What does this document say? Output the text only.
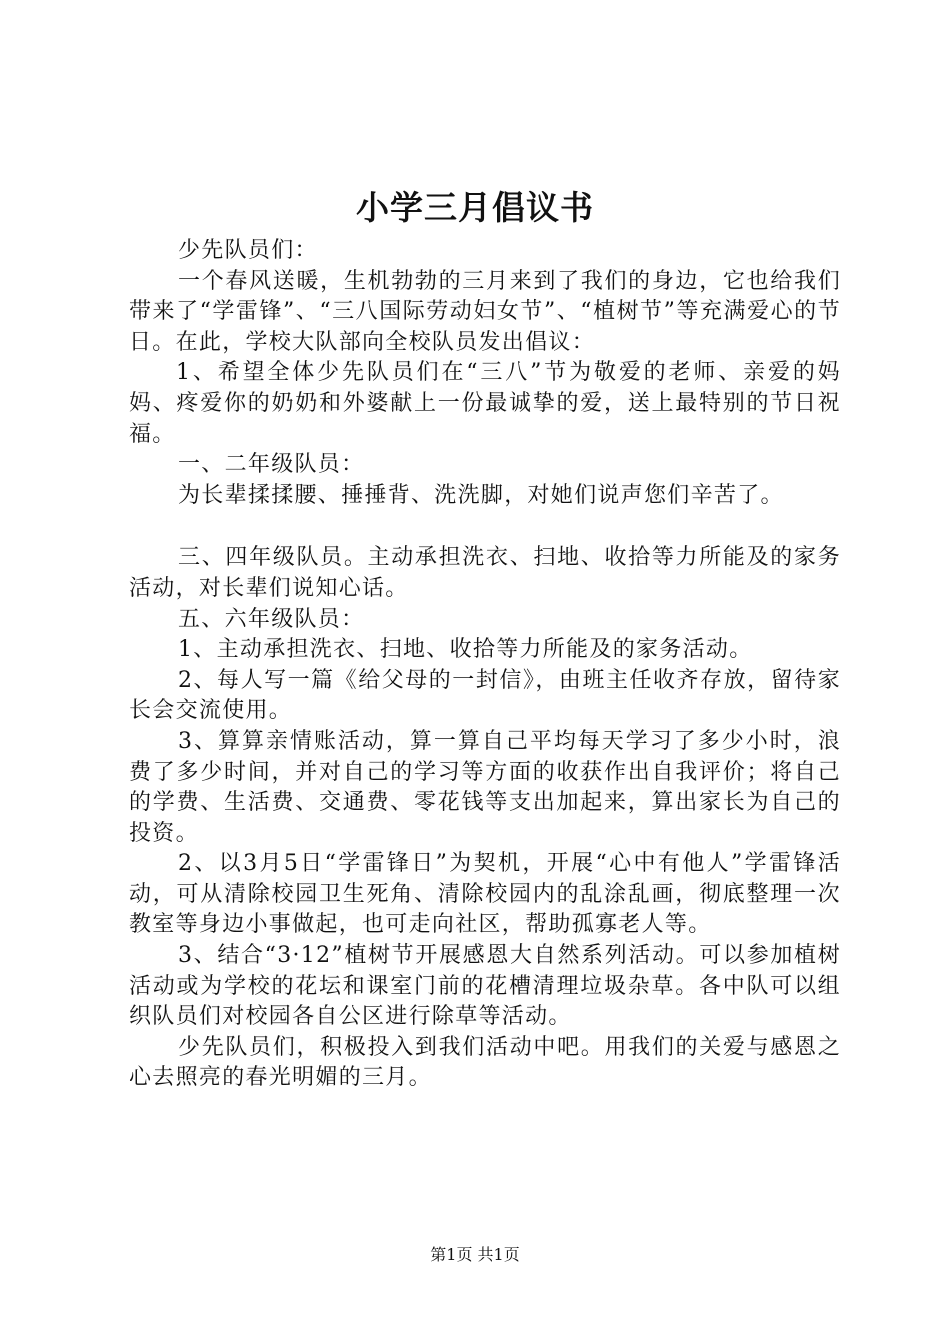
小学三月倡议书

少先队员们：

一个春风送暖，生机勃勃的三月来到了我们的身边，它也给我们带来了“学雷锋”、“三八国际劳动妇女节”、“植树节”等充满爱心的节日。在此，学校大队部向全校队员发出倡议：

1、希望全体少先队员们在“三八”节为敬爱的老师、亲爱的妈妈、疼爱你的奶奶和外婆献上一份最诚挚的爱，送上最特别的节日祝福。

一、二年级队员：

为长辈揉揉腰、捶捶背、洗洗脚，对她们说声您们辛苦了。

三、四年级队员。主动承担洗衣、扫地、收拾等力所能及的家务活动，对长辈们说知心话。

五、六年级队员：

1、主动承担洗衣、扫地、收拾等力所能及的家务活动。

2、每人写一篇《给父母的一封信》，由班主任收齐存放，留待家长会交流使用。

3、算算亲情账活动，算一算自己平均每天学习了多少小时，浪费了多少时间，并对自己的学习等方面的收获作出自我评价；将自己的学费、生活费、交通费、零花钱等支出加起来，算出家长为自己的投资。

2、以3月5日“学雷锋日”为契机，开展“心中有他人”学雷锋活动，可从清除校园卫生死角、清除校园内的乱涂乱画，彻底整理一次教室等身边小事做起，也可走向社区，帮助孤寡老人等。

3、结合“3·12”植树节开展感恩大自然系列活动。可以参加植树活动或为学校的花坛和课室门前的花槽清理垃圾杂草。各中队可以组织队员们对校园各自公区进行除草等活动。

少先队员们，积极投入到我们活动中吧。用我们的关爱与感恩之心去照亮的春光明媚的三月。

第1页 共1页
